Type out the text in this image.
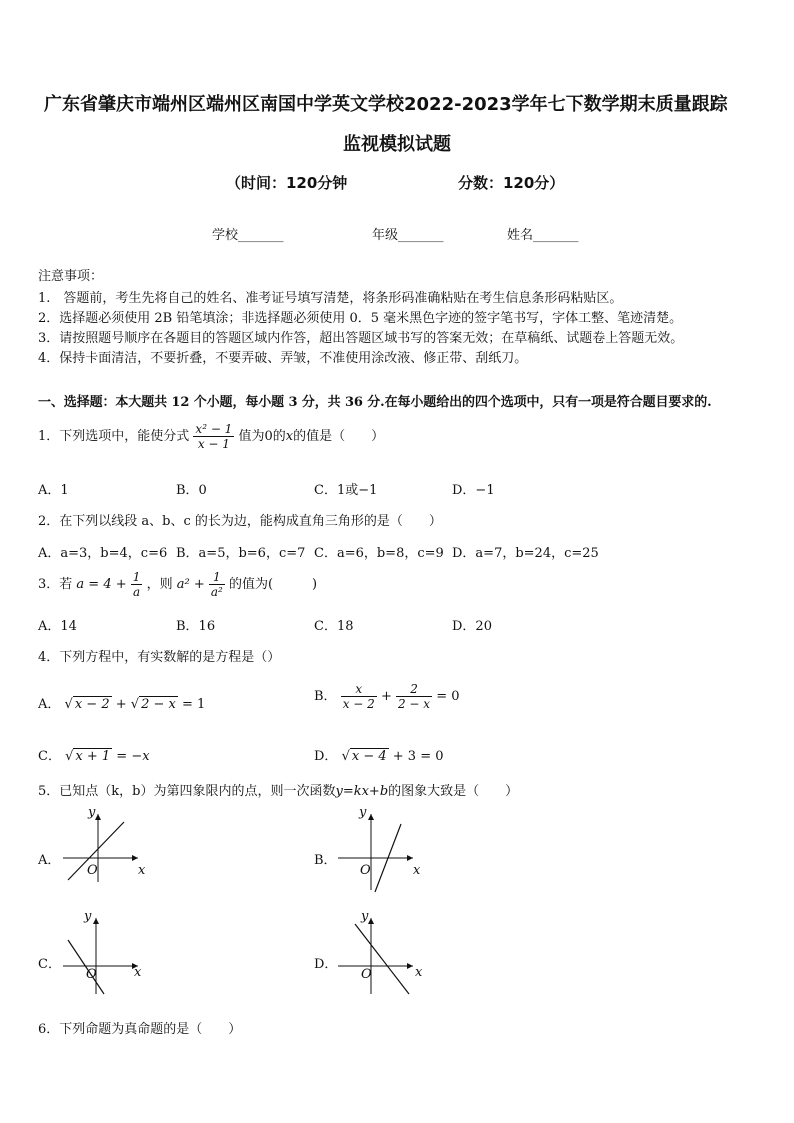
广东省肇庆市端州区端州区南国中学英文学校2022-2023学年七下数学期末质量跟踪
监视模拟试题
（时间：120分钟	分数：120分）
学校_______	年级_______	姓名_______
注意事项：
1.　答题前，考生先将自己的姓名、准考证号填写清楚，将条形码准确粘贴在考生信息条形码粘贴区。
2．选择题必须使用 2B 铅笔填涂；非选择题必须使用 0．5 毫米黑色字迹的签字笔书写，字体工整、笔迹清楚。
3．请按照题号顺序在各题目的答题区域内作答，超出答题区域书写的答案无效；在草稿纸、试题卷上答题无效。
4．保持卡面清洁，不要折叠，不要弄破、弄皱，不准使用涂改液、修正带、刮纸刀。
一、选择题：本大题共 12 个小题，每小题 3 分，共 36 分.在每小题给出的四个选项中，只有一项是符合题目要求的.
1．下列选项中，能使分式 $\frac{\text{x² − 1}}{x - 1}$ 值为0的x的值是（　　）
A．1	B．0	C．1或−1	D．−1
2．在下列以线段 a、b、c 的长为边，能构成直角三角形的是（　　）
A．a=3，b=4，c=6 B．a=5，b=6，c=7 C．a=6，b=8，c=9 D．a=7，b=24，c=25
3．若 $a = 4 + \frac{1}{a}$ ，则 $a^2 + \frac{1}{\text{a²}}$ 的值为(　　　)
A．14	B．16	C．18	D．20
4．下列方程中，有实数解的是方程是（）
A． √ x − 2 + √ 2 − x = 1
B． $\frac{x}{x - 2} + \frac{2}{2 - x} = 0$
C． √ x + 1 = −x	D． √ x − 4 + 3 = 0
5．已知点（k，b）为第四象限内的点，则一次函数y=kx+b的图象大致是（　　）
A．
y
x
O
B．
y
x
O
C．
y
x
O
D．
y
x
O
6．下列命题为真命题的是（　　）
